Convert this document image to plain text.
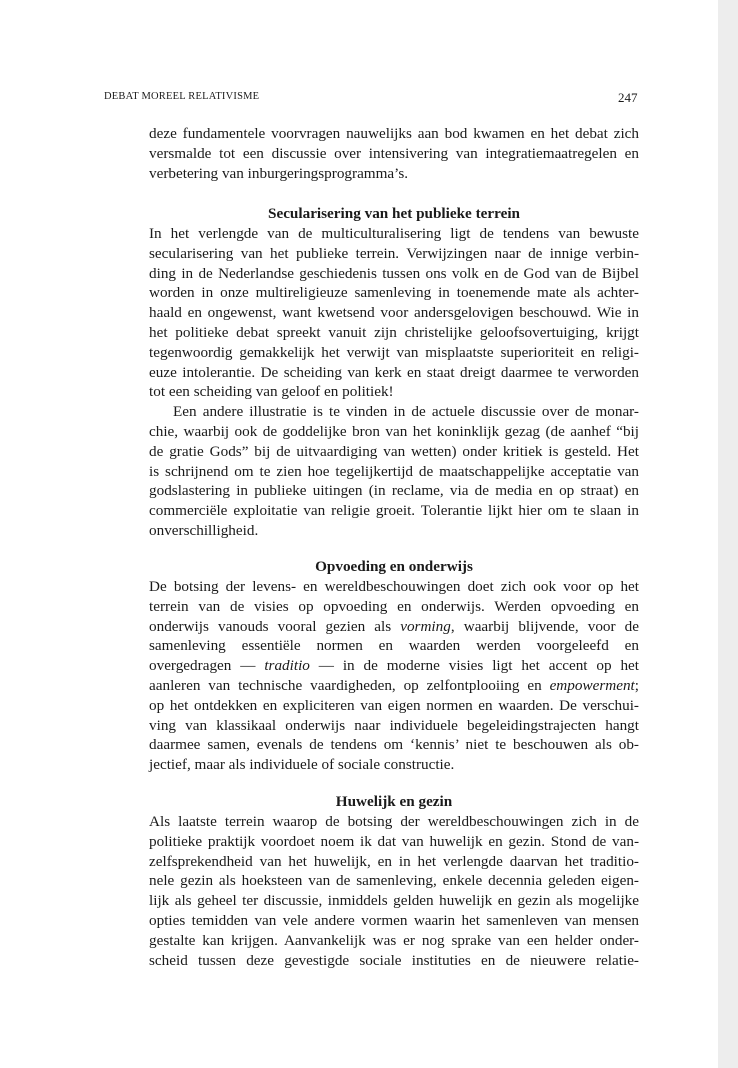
DEBAT MOREEL RELATIVISME	247
deze fundamentele voorvragen nauwelijks aan bod kwamen en het debat zich
versmalde tot een discussie over intensivering van integratiemaatregelen en
verbetering van inburgeringsprogramma’s.
Secularisering van het publieke terrein
In het verlengde van de multiculturalisering ligt de tendens van bewuste
secularisering van het publieke terrein. Verwijzingen naar de innige verbin-
ding in de Nederlandse geschiedenis tussen ons volk en de God van de Bijbel
worden in onze multireligieuze samenleving in toenemende mate als achter-
haald en ongewenst, want kwetsend voor andersgelovigen beschouwd. Wie in
het politieke debat spreekt vanuit zijn christelijke geloofsovertuiging, krijgt
tegenwoordig gemakkelijk het verwijt van misplaatste superioriteit en religi-
euze intolerantie. De scheiding van kerk en staat dreigt daarmee te verworden
tot een scheiding van geloof en politiek!
Een andere illustratie is te vinden in de actuele discussie over de monar-
chie, waarbij ook de goddelijke bron van het koninklijk gezag (de aanhef “bij
de gratie Gods” bij de uitvaardiging van wetten) onder kritiek is gesteld. Het
is schrijnend om te zien hoe tegelijkertijd de maatschappelijke acceptatie van
godslastering in publieke uitingen (in reclame, via de media en op straat) en
commerciële exploitatie van religie groeit. Tolerantie lijkt hier om te slaan in
onverschilligheid.
Opvoeding en onderwijs
De botsing der levens- en wereldbeschouwingen doet zich ook voor op het
terrein van de visies op opvoeding en onderwijs. Werden opvoeding en
onderwijs vanouds vooral gezien als vorming, waarbij blijvende, voor de
samenleving essentiële normen en waarden werden voorgeleefd en
overgedragen — traditio — in de moderne visies ligt het accent op het
aanleren van technische vaardigheden, op zelfontplooiing en empowerment;
op het ontdekken en expliciteren van eigen normen en waarden. De verschui-
ving van klassikaal onderwijs naar individuele begeleidingstrajecten hangt
daarmee samen, evenals de tendens om ‘kennis’ niet te beschouwen als ob-
jectief, maar als individuele of sociale constructie.
Huwelijk en gezin
Als laatste terrein waarop de botsing der wereldbeschouwingen zich in de
politieke praktijk voordoet noem ik dat van huwelijk en gezin. Stond de van-
zelfsprekendheid van het huwelijk, en in het verlengde daarvan het traditio-
nele gezin als hoeksteen van de samenleving, enkele decennia geleden eigen-
lijk als geheel ter discussie, inmiddels gelden huwelijk en gezin als mogelijke
opties temidden van vele andere vormen waarin het samenleven van mensen
gestalte kan krijgen. Aanvankelijk was er nog sprake van een helder onder-
scheid tussen deze gevestigde sociale instituties en de nieuwere relatie-
